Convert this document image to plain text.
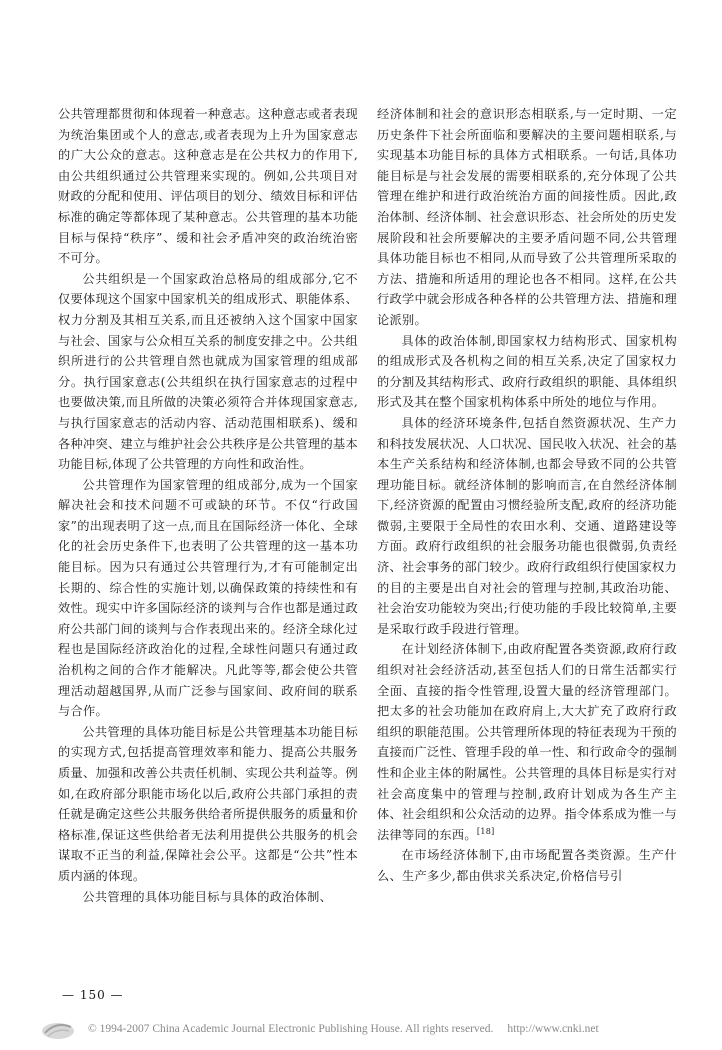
公共管理都贯彻和体现着一种意志。这种意志或者表现为统治集团或个人的意志,或者表现为上升为国家意志的广大公众的意志。这种意志是在公共权力的作用下,由公共组织通过公共管理来实现的。例如,公共项目对财政的分配和使用、评估项目的划分、绩效目标和评估标准的确定等都体现了某种意志。公共管理的基本功能目标与保持“秩序”、缓和社会矛盾冲突的政治统治密不可分。

公共组织是一个国家政治总格局的组成部分,它不仅要体现这个国家中国家机关的组成形式、职能体系、权力分割及其相互关系,而且还被纳入这个国家中国家与社会、国家与公众相互关系的制度安排之中。公共组织所进行的公共管理自然也就成为国家管理的组成部分。执行国家意志(公共组织在执行国家意志的过程中也要做决策,而且所做的决策必须符合并体现国家意志,与执行国家意志的活动内容、活动范围相联系)、缓和各种冲突、建立与维护社会公共秩序是公共管理的基本功能目标,体现了公共管理的方向性和政治性。

公共管理作为国家管理的组成部分,成为一个国家解决社会和技术问题不可或缺的环节。不仅“行政国家”的出现表明了这一点,而且在国际经济一体化、全球化的社会历史条件下,也表明了公共管理的这一基本功能目标。因为只有通过公共管理行为,才有可能制定出长期的、综合性的实施计划,以确保政策的持续性和有效性。现实中许多国际经济的谈判与合作也都是通过政府公共部门间的谈判与合作表现出来的。经济全球化过程也是国际经济政治化的过程,全球性问题只有通过政治机构之间的合作才能解决。凡此等等,都会使公共管理活动超越国界,从而广泛参与国家间、政府间的联系与合作。

公共管理的具体功能目标是公共管理基本功能目标的实现方式,包括提高管理效率和能力、提高公共服务质量、加强和改善公共责任机制、实现公共利益等。例如,在政府部分职能市场化以后,政府公共部门承担的责任就是确定这些公共服务供给者所提供服务的质量和价格标准,保证这些供给者无法利用提供公共服务的机会谋取不正当的利益,保障社会公平。这都是“公共”性本质内涵的体现。

公共管理的具体功能目标与具体的政治体制、

经济体制和社会的意识形态相联系,与一定时期、一定历史条件下社会所面临和要解决的主要问题相联系,与实现基本功能目标的具体方式相联系。一句话,具体功能目标是与社会发展的需要相联系的,充分体现了公共管理在维护和进行政治统治方面的间接性质。因此,政治体制、经济体制、社会意识形态、社会所处的历史发展阶段和社会所要解决的主要矛盾问题不同,公共管理具体功能目标也不相同,从而导致了公共管理所采取的方法、措施和所适用的理论也各不相同。这样,在公共行政学中就会形成各种各样的公共管理方法、措施和理论派别。

具体的政治体制,即国家权力结构形式、国家机构的组成形式及各机构之间的相互关系,决定了国家权力的分割及其结构形式、政府行政组织的职能、具体组织形式及其在整个国家机构体系中所处的地位与作用。

具体的经济环境条件,包括自然资源状况、生产力和科技发展状况、人口状况、国民收入状况、社会的基本生产关系结构和经济体制,也都会导致不同的公共管理功能目标。就经济体制的影响而言,在自然经济体制下,经济资源的配置由习惯经验所支配,政府的经济功能微弱,主要限于全局性的农田水利、交通、道路建设等方面。政府行政组织的社会服务功能也很微弱,负责经济、社会事务的部门较少。政府行政组织行使国家权力的目的主要是出自对社会的管理与控制,其政治功能、社会治安功能较为突出;行使功能的手段比较简单,主要是采取行政手段进行管理。

在计划经济体制下,由政府配置各类资源,政府行政组织对社会经济活动,甚至包括人们的日常生活都实行全面、直接的指令性管理,设置大量的经济管理部门。把太多的社会功能加在政府肩上,大大扩充了政府行政组织的职能范围。公共管理所体现的特征表现为干预的直接而广泛性、管理手段的单一性、和行政命令的强制性和企业主体的附属性。公共管理的具体目标是实行对社会高度集中的管理与控制,政府计划成为各生产主体、社会组织和公众活动的边界。指令体系成为惟一与法律等同的东西。[18]

在市场经济体制下,由市场配置各类资源。生产什么、生产多少,都由供求关系决定,价格信号引

— 150 —
© 1994-2007 China Academic Journal Electronic Publishing House. All rights reserved. http://www.cnki.net
